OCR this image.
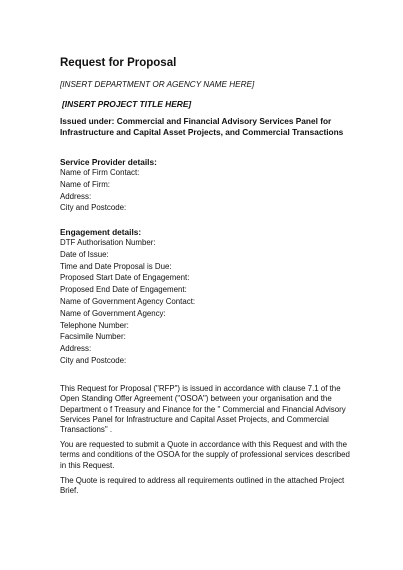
Request for Proposal
[INSERT DEPARTMENT OR AGENCY NAME HERE]
[INSERT PROJECT TITLE HERE]
Issued under: Commercial and Financial Advisory Services Panel for Infrastructure and Capital Asset Projects, and Commercial Transactions
Service Provider details:
Name of Firm Contact:
Name of Firm:
Address:
City and Postcode:
Engagement details:
DTF Authorisation Number:
Date of Issue:
Time and Date Proposal is Due:
Proposed Start Date of Engagement:
Proposed End Date of Engagement:
Name of Government Agency Contact:
Name of Government Agency:
Telephone Number:
Facsimile Number:
Address:
City and Postcode:

This Request for Proposal ("RFP") is issued in accordance with clause 7.1 of the Open Standing Offer Agreement ("OSOA") between your organisation and the Department o f Treasury and Finance for the " Commercial and Financial Advisory Services Panel for Infrastructure and Capital Asset Projects, and Commercial Transactions" .

You are requested to submit a Quote in accordance with this Request and with the terms and conditions of the OSOA for the supply of professional services described in this Request.

The Quote is required to address all requirements outlined in the attached Project Brief.
